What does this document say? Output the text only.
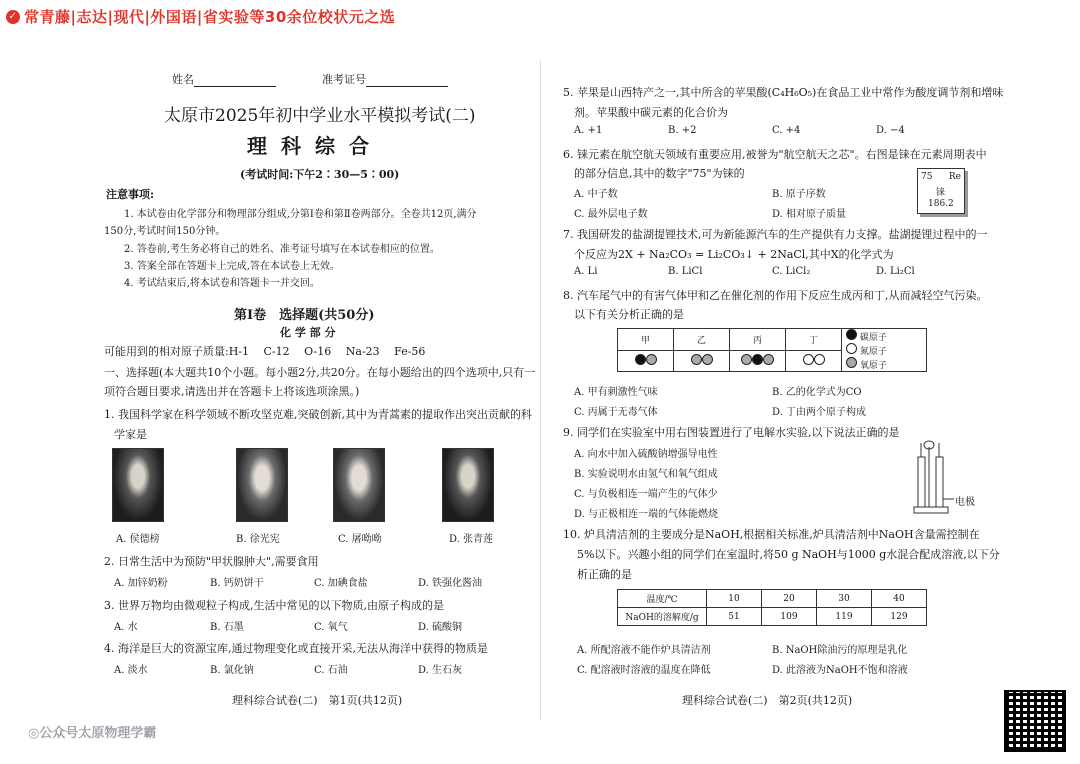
✓ 常青藤|志达|现代|外国语|省实验等30余位校状元之选
姓名	准考证号
太原市2025年初中学业水平模拟考试(二)
理科综合
(考试时间:下午2∶30—5∶00)
注意事项:
1. 本试卷由化学部分和物理部分组成,分第Ⅰ卷和第Ⅱ卷两部分。全卷共12页,满分
150分,考试时间150分钟。
2. 答卷前,考生务必将自己的姓名、准考证号填写在本试卷相应的位置。
3. 答案全部在答题卡上完成,答在本试卷上无效。
4. 考试结束后,将本试卷和答题卡一并交回。
第Ⅰ卷　选择题(共50分)
化 学 部 分
可能用到的相对原子质量:H-1　 C-12　 O-16　 Na-23　 Fe-56
一、选择题(本大题共10个小题。每小题2分,共20分。在每小题给出的四个选项中,只有一
项符合题目要求,请选出并在答题卡上将该选项涂黑。)
1. 我国科学家在科学领域不断攻坚克难,突破创新,其中为青蒿素的提取作出突出贡献的科
学家是
A. 侯德榜	B. 徐光宪	C. 屠呦呦	D. 张青莲
2. 日常生活中为预防"甲状腺肿大",需要食用
A. 加锌奶粉	B. 钙奶饼干	C. 加碘食盐	D. 铁强化酱油
3. 世界万物均由微观粒子构成,生活中常见的以下物质,由原子构成的是
A. 水	B. 石墨	C. 氧气	D. 硫酸铜
4. 海洋是巨大的资源宝库,通过物理变化或直接开采,无法从海洋中获得的物质是
A. 淡水	B. 氯化钠	C. 石油	D. 生石灰
理科综合试卷(二)　第1页(共12页)
5. 苹果是山西特产之一,其中所含的苹果酸(C₄H₆O₅)在食品工业中常作为酸度调节剂和增味
剂。苹果酸中碳元素的化合价为
A. +1	B. +2	C. +4	D. −4
6. 铼元素在航空航天领域有重要应用,被誉为"航空航天之芯"。右图是铼在元素周期表中
的部分信息,其中的数字"75"为铼的
A. 中子数	B. 原子序数
C. 最外层电子数	D. 相对原子质量
75 Re
铼
186.2
7. 我国研发的盐湖提锂技术,可为新能源汽车的生产提供有力支撑。盐湖提锂过程中的一
个反应为2X + Na₂CO₃ = Li₂CO₃↓ + 2NaCl,其中X的化学式为
A. Li	B. LiCl	C. LiCl₂	D. Li₂Cl
8. 汽车尾气中的有害气体甲和乙在催化剂的作用下反应生成丙和丁,从而减轻空气污染。
以下有关分析正确的是
甲	乙	丙	丁	碳原子
氮原子
氧原子

A. 甲有刺激性气味	B. 乙的化学式为CO
C. 丙属于无毒气体	D. 丁由两个原子构成
9. 同学们在实验室中用右图装置进行了电解水实验,以下说法正确的是
A. 向水中加入硫酸钠增强导电性
B. 实验说明水由氢气和氧气组成
C. 与负极相连一端产生的气体少
D. 与正极相连一端的气体能燃烧
电极
10. 炉具清洁剂的主要成分是NaOH,根据相关标准,炉具清洁剂中NaOH含量需控制在
5%以下。兴趣小组的同学们在室温时,将50 g NaOH与1000 g水混合配成溶液,以下分
析正确的是
温度/℃	10	20	30	40
NaOH的溶解度/g	51	109	119	129
A. 所配溶液不能作炉具清洁剂	B. NaOH除油污的原理是乳化
C. 配溶液时溶液的温度在降低	D. 此溶液为NaOH不饱和溶液
理科综合试卷(二)　第2页(共12页)
◎公众号太原物理学霸
